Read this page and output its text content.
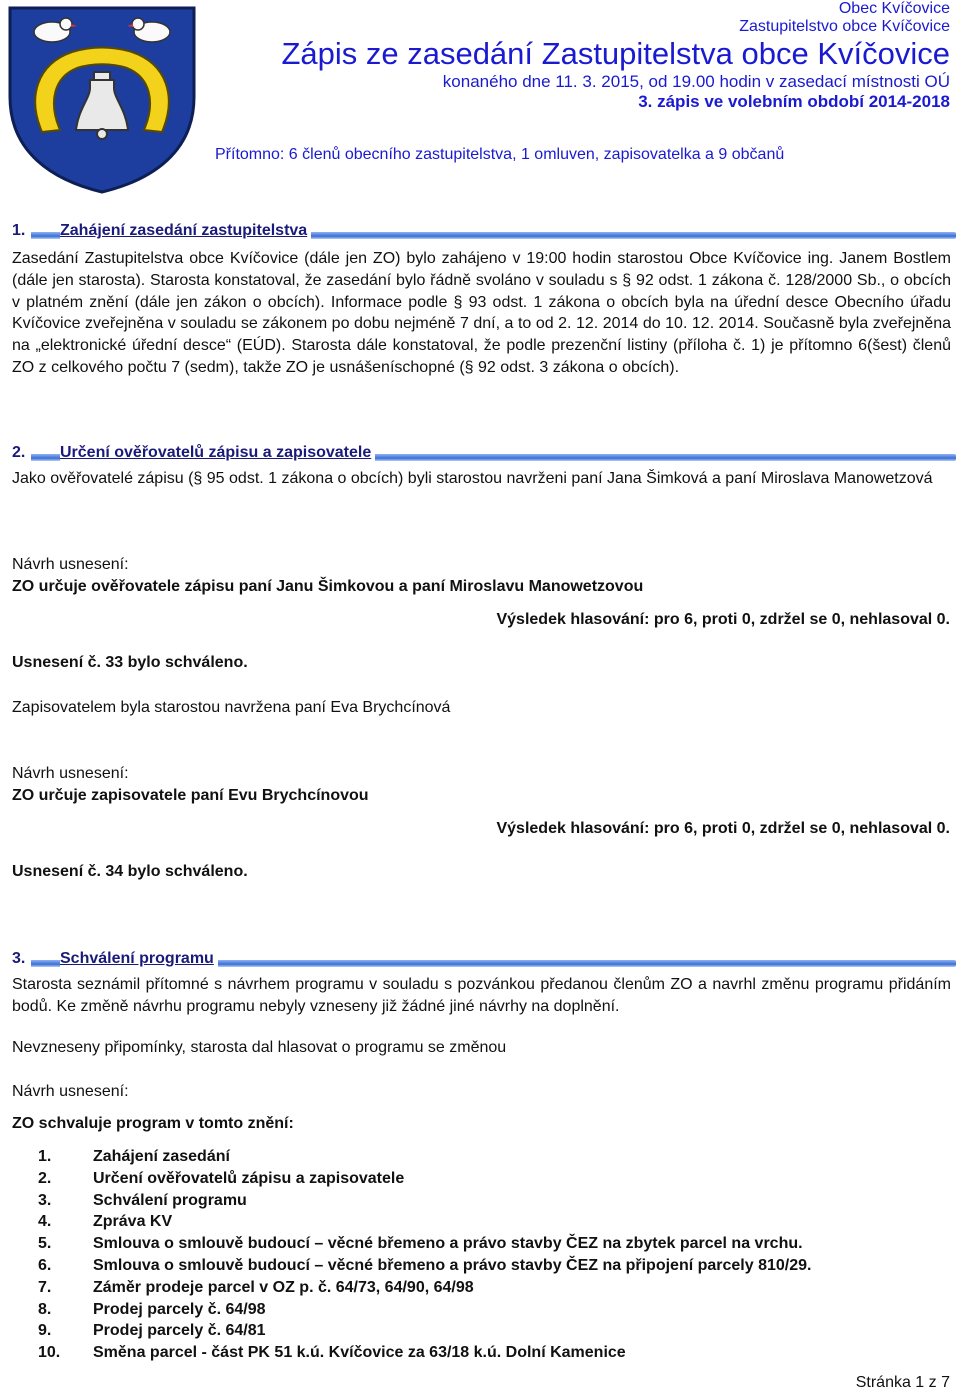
Obec Kvíčovice
Zastupitelstvo obce Kvíčovice
Zápis ze zasedání Zastupitelstva obce Kvíčovice
konaného dne 11. 3. 2015, od 19.00 hodin v zasedací místnosti OÚ
3. zápis ve volebním období 2014-2018
Přítomno: 6 členů obecního zastupitelstva, 1 omluven, zapisovatelka a 9 občanů
1.	Zahájení zasedání zastupitelstva
Zasedání Zastupitelstva obce Kvíčovice (dále jen ZO) bylo zahájeno v 19:00 hodin starostou Obce Kvíčovice ing. Janem Bostlem (dále jen starosta). Starosta konstatoval, že zasedání bylo řádně svoláno v souladu s § 92 odst. 1 zákona č. 128/2000 Sb., o obcích v platném znění (dále jen zákon o obcích). Informace podle § 93 odst. 1 zákona o obcích byla na úřední desce Obecního úřadu Kvíčovice zveřejněna v souladu se zákonem po dobu nejméně 7 dní, a to od 2. 12. 2014 do 10. 12. 2014. Současně byla zveřejněna na „elektronické úřední desce“ (EÚD). Starosta dále konstatoval, že podle prezenční listiny (příloha č. 1) je přítomno 6(šest) členů ZO z celkového počtu 7 (sedm), takže ZO je usnášeníschopné (§ 92 odst. 3 zákona o obcích).
2.	Určení ověřovatelů zápisu a zapisovatele
Jako ověřovatelé zápisu (§ 95 odst. 1 zákona o obcích) byli starostou navrženi paní Jana Šimková a paní Miroslava Manowetzová
Návrh usnesení:
ZO určuje ověřovatele zápisu paní Janu Šimkovou a paní Miroslavu Manowetzovou
Výsledek hlasování: pro 6, proti 0, zdržel se 0, nehlasoval 0.
Usnesení č. 33 bylo schváleno.
Zapisovatelem byla starostou navržena paní Eva Brychcínová
Návrh usnesení:
ZO určuje zapisovatele paní Evu Brychcínovou
Výsledek hlasování: pro 6, proti 0, zdržel se 0, nehlasoval 0.
Usnesení č. 34 bylo schváleno.
3.	Schválení programu
Starosta seznámil přítomné s návrhem programu v souladu s pozvánkou předanou členům ZO a navrhl změnu programu přidáním bodů. Ke změně návrhu programu nebyly vzneseny již žádné jiné návrhy na doplnění.
Nevzneseny připomínky, starosta dal hlasovat o programu se změnou
Návrh usnesení:
ZO schvaluje program v tomto znění:
1.	Zahájení zasedání
2.	Určení ověřovatelů zápisu a zapisovatele
3.	Schválení programu
4.	Zpráva KV
5.	Smlouva o smlouvě budoucí – věcné břemeno a právo stavby ČEZ na zbytek parcel na vrchu.
6.	Smlouva o smlouvě budoucí – věcné břemeno a právo stavby ČEZ na připojení parcely 810/29.
7.	Záměr prodeje parcel v OZ p. č. 64/73, 64/90, 64/98
8.	Prodej parcely č. 64/98
9.	Prodej parcely č. 64/81
10. Směna parcel - část PK 51 k.ú. Kvíčovice za 63/18 k.ú. Dolní Kamenice
Stránka 1 z 7
